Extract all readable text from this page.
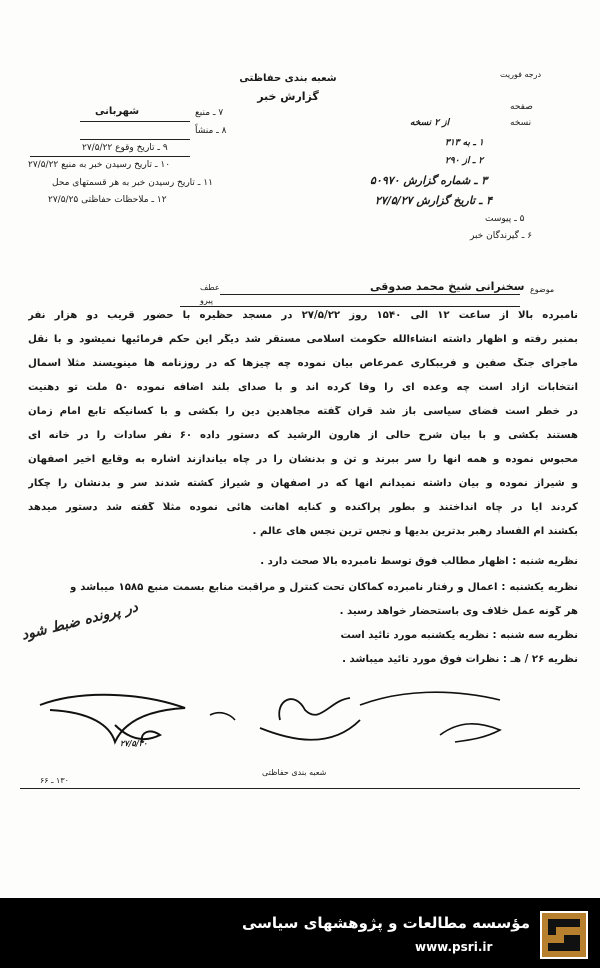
شعبه بندی حفاظتی
گزارش خبر
درجه فوریت
شهربانی	۷ ـ منبع
۸ ـ منشاً
۹ ـ تاریخ وقوع ۲۷/۵/۲۲
۱۰ ـ تاریخ رسیدن خبر به منبع ۲۷/۵/۲۲
۱۱ ـ تاریخ رسیدن خبر به هر قسمتهای محل
۱۲ ـ ملاحظات حفاظتی ۲۷/۵/۲۵
صفحه
نسخه
از ۲ نسخه
۱ ـ به ۳۱۳
۲ ـ از ۲۹۰
۳ ـ شماره گزارش ۵۰۹۷۰
۴ ـ تاریخ گزارش ۲۷/۵/۲۷
۵ ـ پیوست
۶ ـ گیرندگان خبر
موضوع
سخنرانی شیخ محمد صدوقی
عطف
پیرو
نامبرده بالا از ساعت ۱۲ الی ۱۵۴۰ روز ۲۷/۵/۲۲ در مسجد حظیره با حضور قریب دو هزار نفر
بمنبر رفته و اظهار داشته انشاءالله حکومت اسلامی مستقر شد دیگر این حکم فرمائیها نمیشود و با نقل
ماجرای جنگ صفین و فریبکاری عمرعاص بیان نموده چه چیزها که در روزنامه ها مینویسند مثلاً اسمال
انتخابات آزاد است چه وعده ای را وفا کرده اند و با صدای بلند اضافه نموده ۵۰ ملت تو دهنیت
در خطر است فضای سیاسی باز شد قرآن گفته مجاهدین دین را بکشی و با کسانیکه تابع امام زمان
هستند بکشی و با بیان شرح حالی از هارون الرشید که دستور داده ۶۰ نفر سادات را در خانه ای
محبوس نموده و همه آنها را سر ببرند و تن و بدنشان را در چاه بیاندازند اشاره به وقایع اخیر اصفهان
و شیراز نموده و بیان داشته نمیدانم آنها که در اصفهان و شیراز کشته شدند سر و بدنشان را چکار
کردند آیا در چاه انداختند و بطور پراکنده و کنایه اهانت هائی نموده مثلاً گفته شد دستور میدهد
بکشند ام الفساد رهبر بدترین بدیها و نجس ترین نجس های عالم .
نظریه شنبه : اظهار مطالب فوق توسط نامبرده بالا صحت دارد .
نظریه یکشنبه : اعمال و رفتار نامبرده کماکان تحت کنترل و مراقبت منابع بسمت منبع ۱۵۸۵ میباشد و
هر گونه عمل خلاف وی باستحضار خواهد رسید .
نظریه سه شنبه : نظریه یکشنبه مورد تائید است
نظریه ۲۶ / هـ : نظرات فوق مورد تائید میباشد .
در پرونده ضبط شود
۲۷/۵/۳۰
شعبه بندی حفاظتی
۱۳۰ ـ ۶۶
مؤسسه مطالعات و پژوهشهای سیاسی
www.psri.ir
